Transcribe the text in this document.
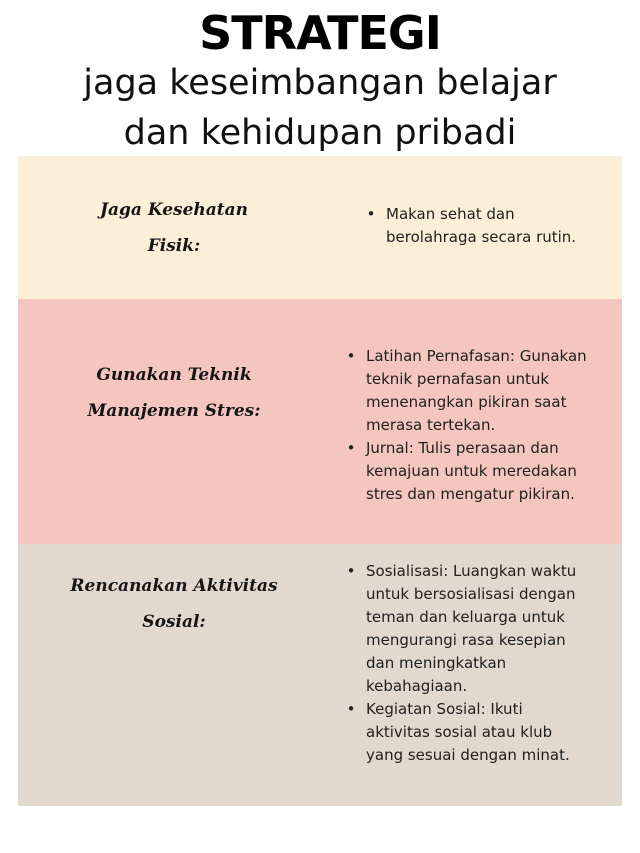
STRATEGI
jaga keseimbangan belajar
dan kehidupan pribadi
Jaga Kesehatan
Fisik:
• Makan sehat dan
berolahraga secara rutin.
Gunakan Teknik
Manajemen Stres:
• Latihan Pernafasan: Gunakan
teknik pernafasan untuk
menenangkan pikiran saat
merasa tertekan.
• Jurnal: Tulis perasaan dan
kemajuan untuk meredakan
stres dan mengatur pikiran.
Rencanakan Aktivitas
Sosial:
• Sosialisasi: Luangkan waktu
untuk bersosialisasi dengan
teman dan keluarga untuk
mengurangi rasa kesepian
dan meningkatkan
kebahagiaan.
• Kegiatan Sosial: Ikuti
aktivitas sosial atau klub
yang sesuai dengan minat.
